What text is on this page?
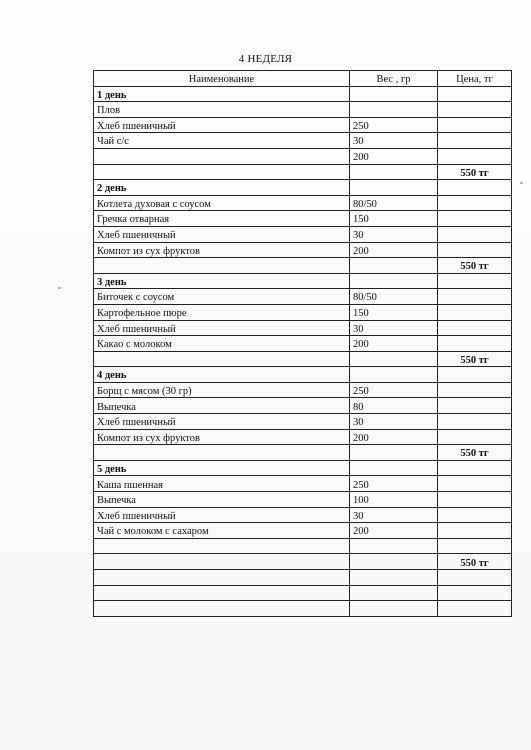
4 НЕДЕЛЯ
Наименование	Вес , гр	Цена, тг
1 день		
Плов		
Хлеб пшеничный	250	
Чай с/с	30	
	200	
		550 тг
2 день		
Котлета духовая с соусом	80/50	
Гречка отварная	150	
Хлеб пшеничный	30	
Компот из сух фруктов	200	
		550 тг
3 день		
Биточек с соусом	80/50	
Картофельное пюре	150	
Хлеб пшеничный	30	
Какао с молоком	200	
		550 тг
4 день		
Борщ с мясом (30 гр)	250	
Выпечка	80	
Хлеб пшеничный	30	
Компот из сух фруктов	200	
		550 тг
5 день		
Каша пшенная	250	
Выпечка	100	
Хлеб пшеничный	30	
Чай с молоком с сахаром	200	

		550 тг
